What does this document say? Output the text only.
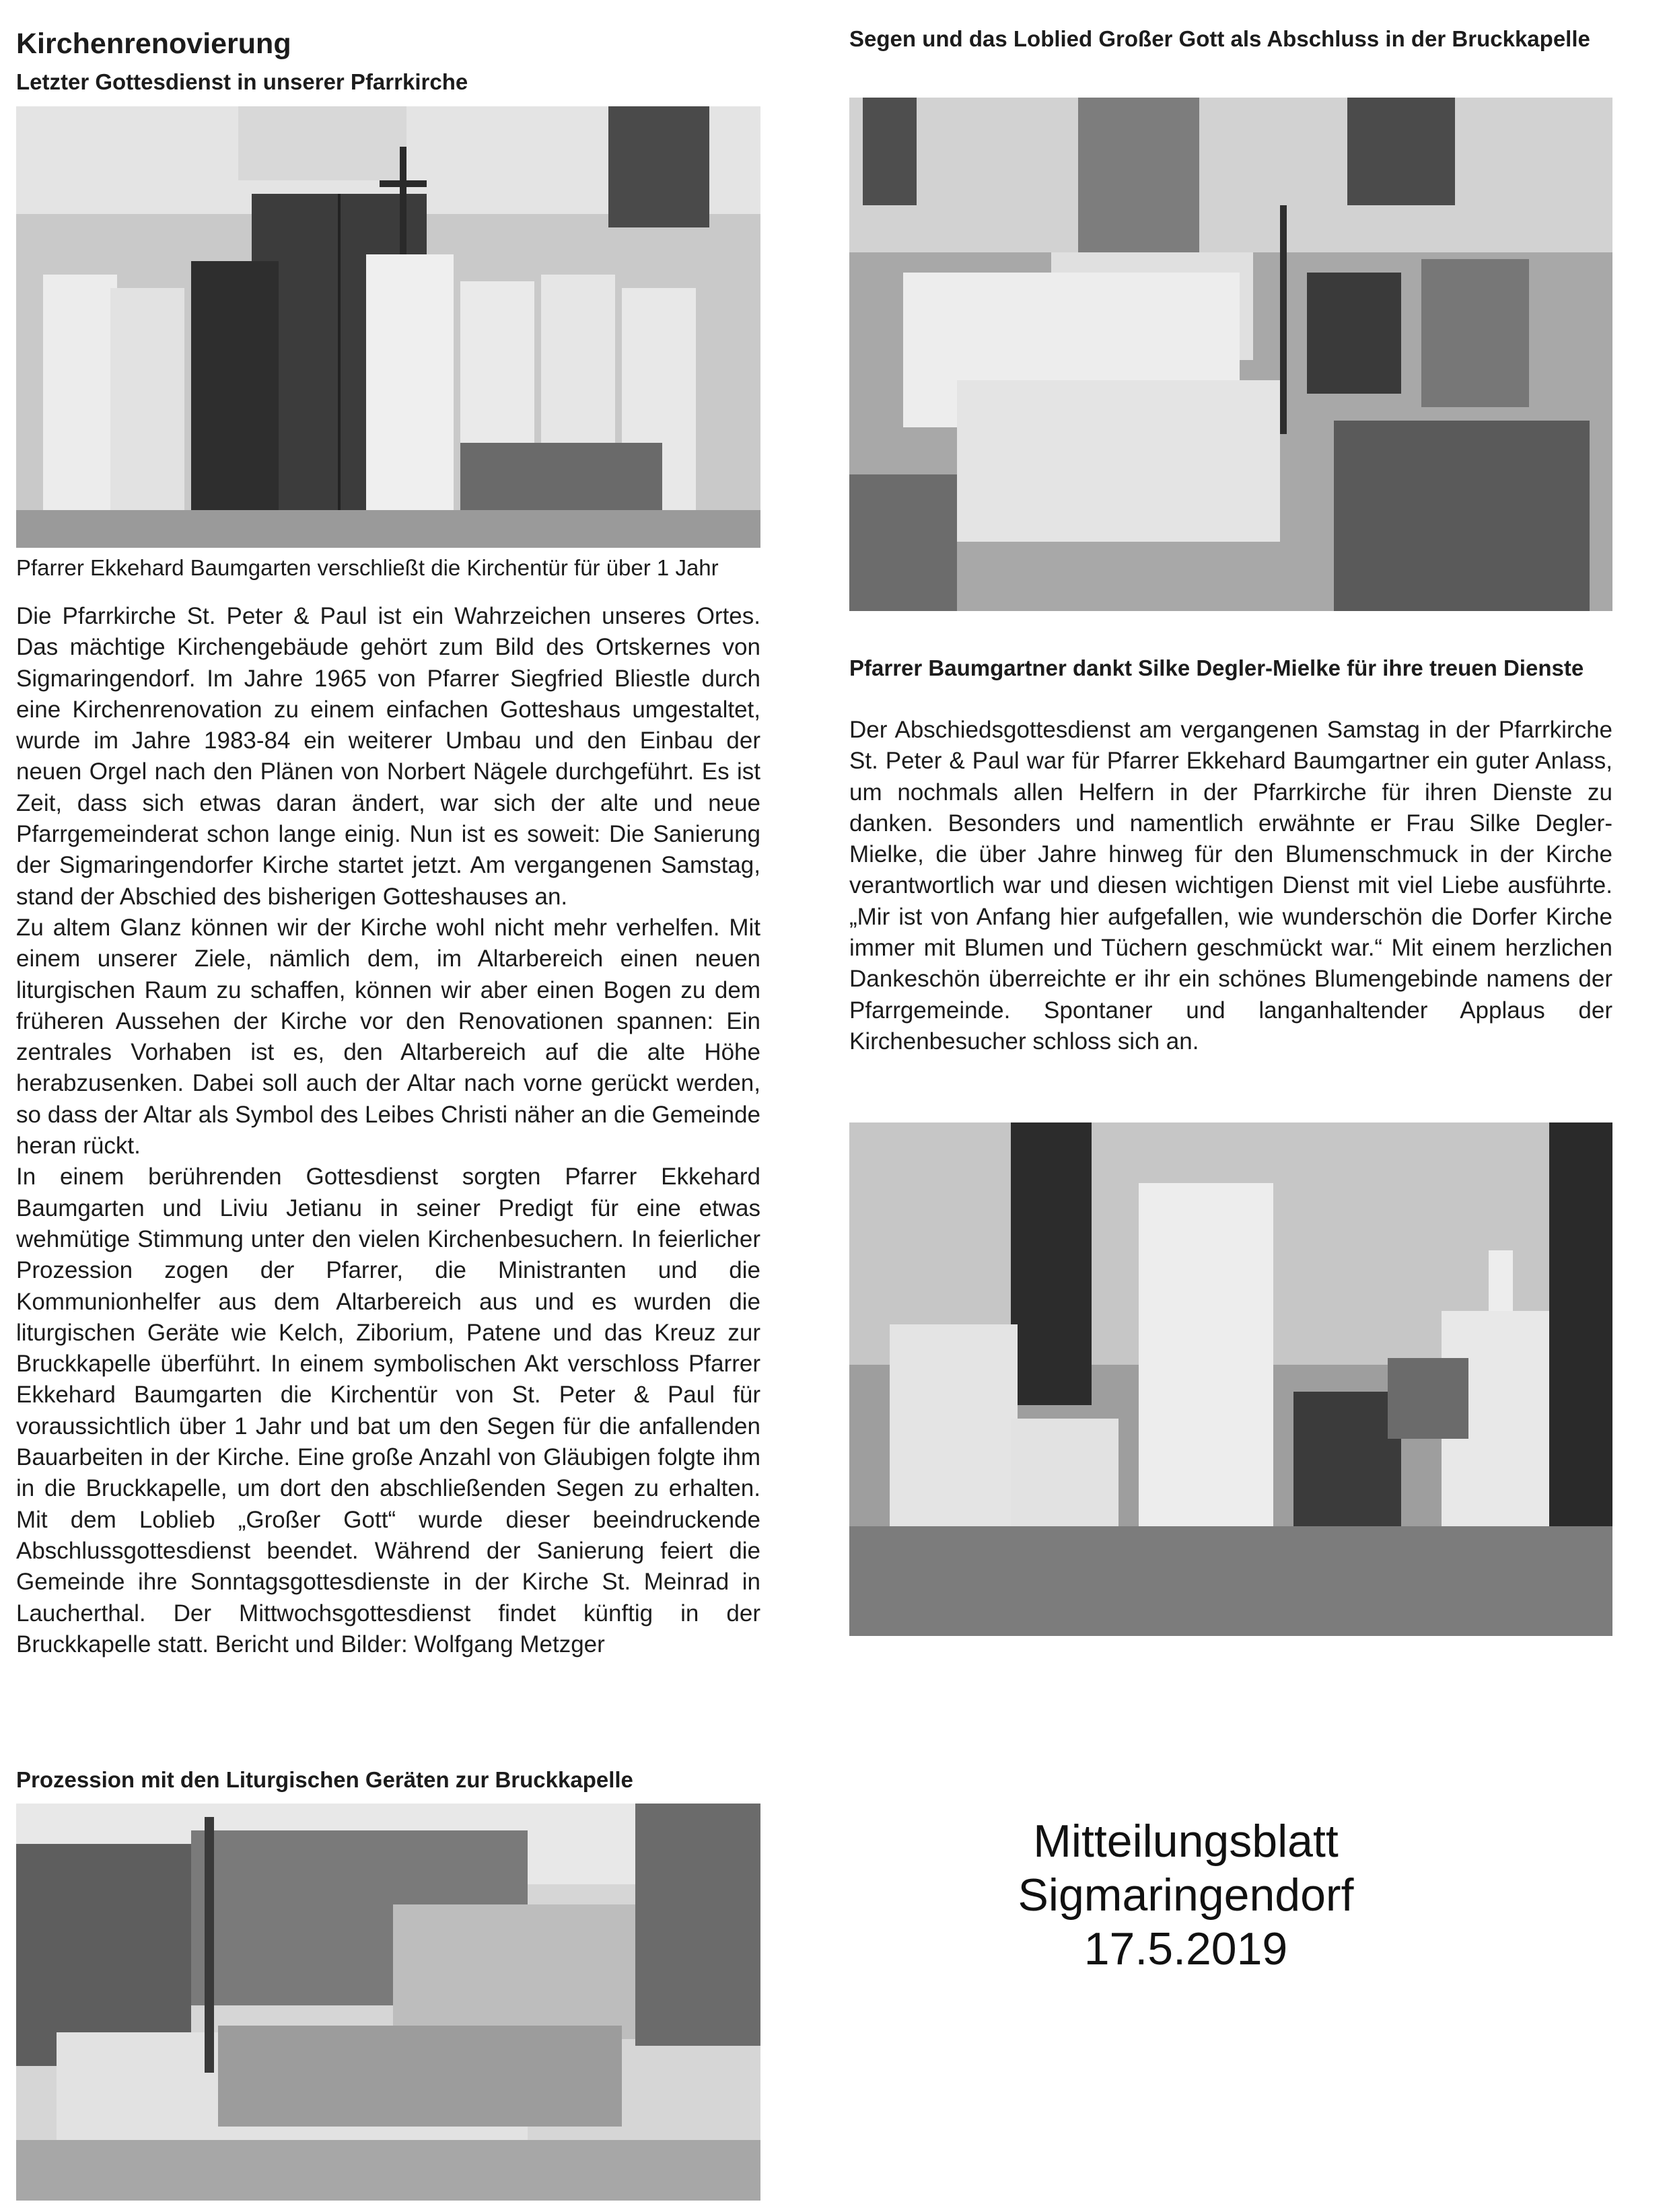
Kirchenrenovierung
Letzter Gottesdienst in unserer Pfarrkirche
Pfarrer Ekkehard Baumgarten verschließt die Kirchentür für über 1 Jahr
Die Pfarrkirche St. Peter & Paul ist ein Wahrzeichen unseres Ortes. Das mächtige Kirchengebäude gehört zum Bild des Ortskernes von Sigmaringendorf. Im Jahre 1965 von Pfarrer Siegfried Bliestle durch eine Kirchenrenovation zu einem einfachen Gotteshaus umgestaltet, wurde im Jahre 1983-84 ein weiterer Umbau und den Einbau der neuen Orgel nach den Plänen von Norbert Nägele durchgeführt. Es ist Zeit, dass sich etwas daran ändert, war sich der alte und neue Pfarrgemeinderat schon lange einig. Nun ist es soweit: Die Sanierung der Sigmaringendorfer Kirche startet jetzt. Am vergangenen Samstag, stand der Abschied des bisherigen Gotteshauses an.
Zu altem Glanz können wir der Kirche wohl nicht mehr verhelfen. Mit einem unserer Ziele, nämlich dem, im Altarbereich einen neuen liturgischen Raum zu schaffen, können wir aber einen Bogen zu dem früheren Aussehen der Kirche vor den Renovationen spannen: Ein zentrales Vorhaben ist es, den Altarbereich auf die alte Höhe herabzusenken. Dabei soll auch der Altar nach vorne gerückt werden, so dass der Altar als Symbol des Leibes Christi näher an die Gemeinde heran rückt.
In einem berührenden Gottesdienst sorgten Pfarrer Ekkehard Baumgarten und Liviu Jetianu in seiner Predigt für eine etwas wehmütige Stimmung unter den vielen Kirchenbesuchern. In feierlicher Prozession zogen der Pfarrer, die Ministranten und die Kommunionhelfer aus dem Altarbereich aus und es wurden die liturgischen Geräte wie Kelch, Ziborium, Patene und das Kreuz zur Bruckkapelle überführt. In einem symbolischen Akt verschloss Pfarrer Ekkehard Baumgarten die Kirchentür von St. Peter & Paul für voraussichtlich über 1 Jahr und bat um den Segen für die anfallenden Bauarbeiten in der Kirche. Eine große Anzahl von Gläubigen folgte ihm in die Bruckkapelle, um dort den abschließenden Segen zu erhalten. Mit dem Loblieb „Großer Gott“ wurde dieser beeindruckende Abschlussgottesdienst beendet. Während der Sanierung feiert die Gemeinde ihre Sonntagsgottesdienste in der Kirche St. Meinrad in Laucherthal. Der Mittwochsgottesdienst findet künftig in der Bruckkapelle statt. Bericht und Bilder: Wolfgang Metzger
Prozession mit den Liturgischen Geräten zur Bruckkapelle
Segen und das Loblied Großer Gott als Abschluss in der Bruckkapelle
Pfarrer Baumgartner dankt Silke Degler-Mielke für ihre treuen Dienste
Der Abschiedsgottesdienst am vergangenen Samstag in der Pfarrkirche St. Peter & Paul war für Pfarrer Ekkehard Baumgartner ein guter Anlass, um nochmals allen Helfern in der Pfarrkirche für ihren Dienste zu danken. Besonders und namentlich erwähnte er Frau Silke Degler-Mielke, die über Jahre hinweg für den Blumenschmuck in der Kirche verantwortlich war und diesen wichtigen Dienst mit viel Liebe ausführte. „Mir ist von Anfang hier aufgefallen, wie wunderschön die Dorfer Kirche immer mit Blumen und Tüchern geschmückt war.“ Mit einem herzlichen Dankeschön überreichte er ihr ein schönes Blumengebinde namens der Pfarrgemeinde. Spontaner und langanhaltender Applaus der Kirchenbesucher schloss sich an.
Mitteilungsblatt
Sigmaringendorf
17.5.2019
